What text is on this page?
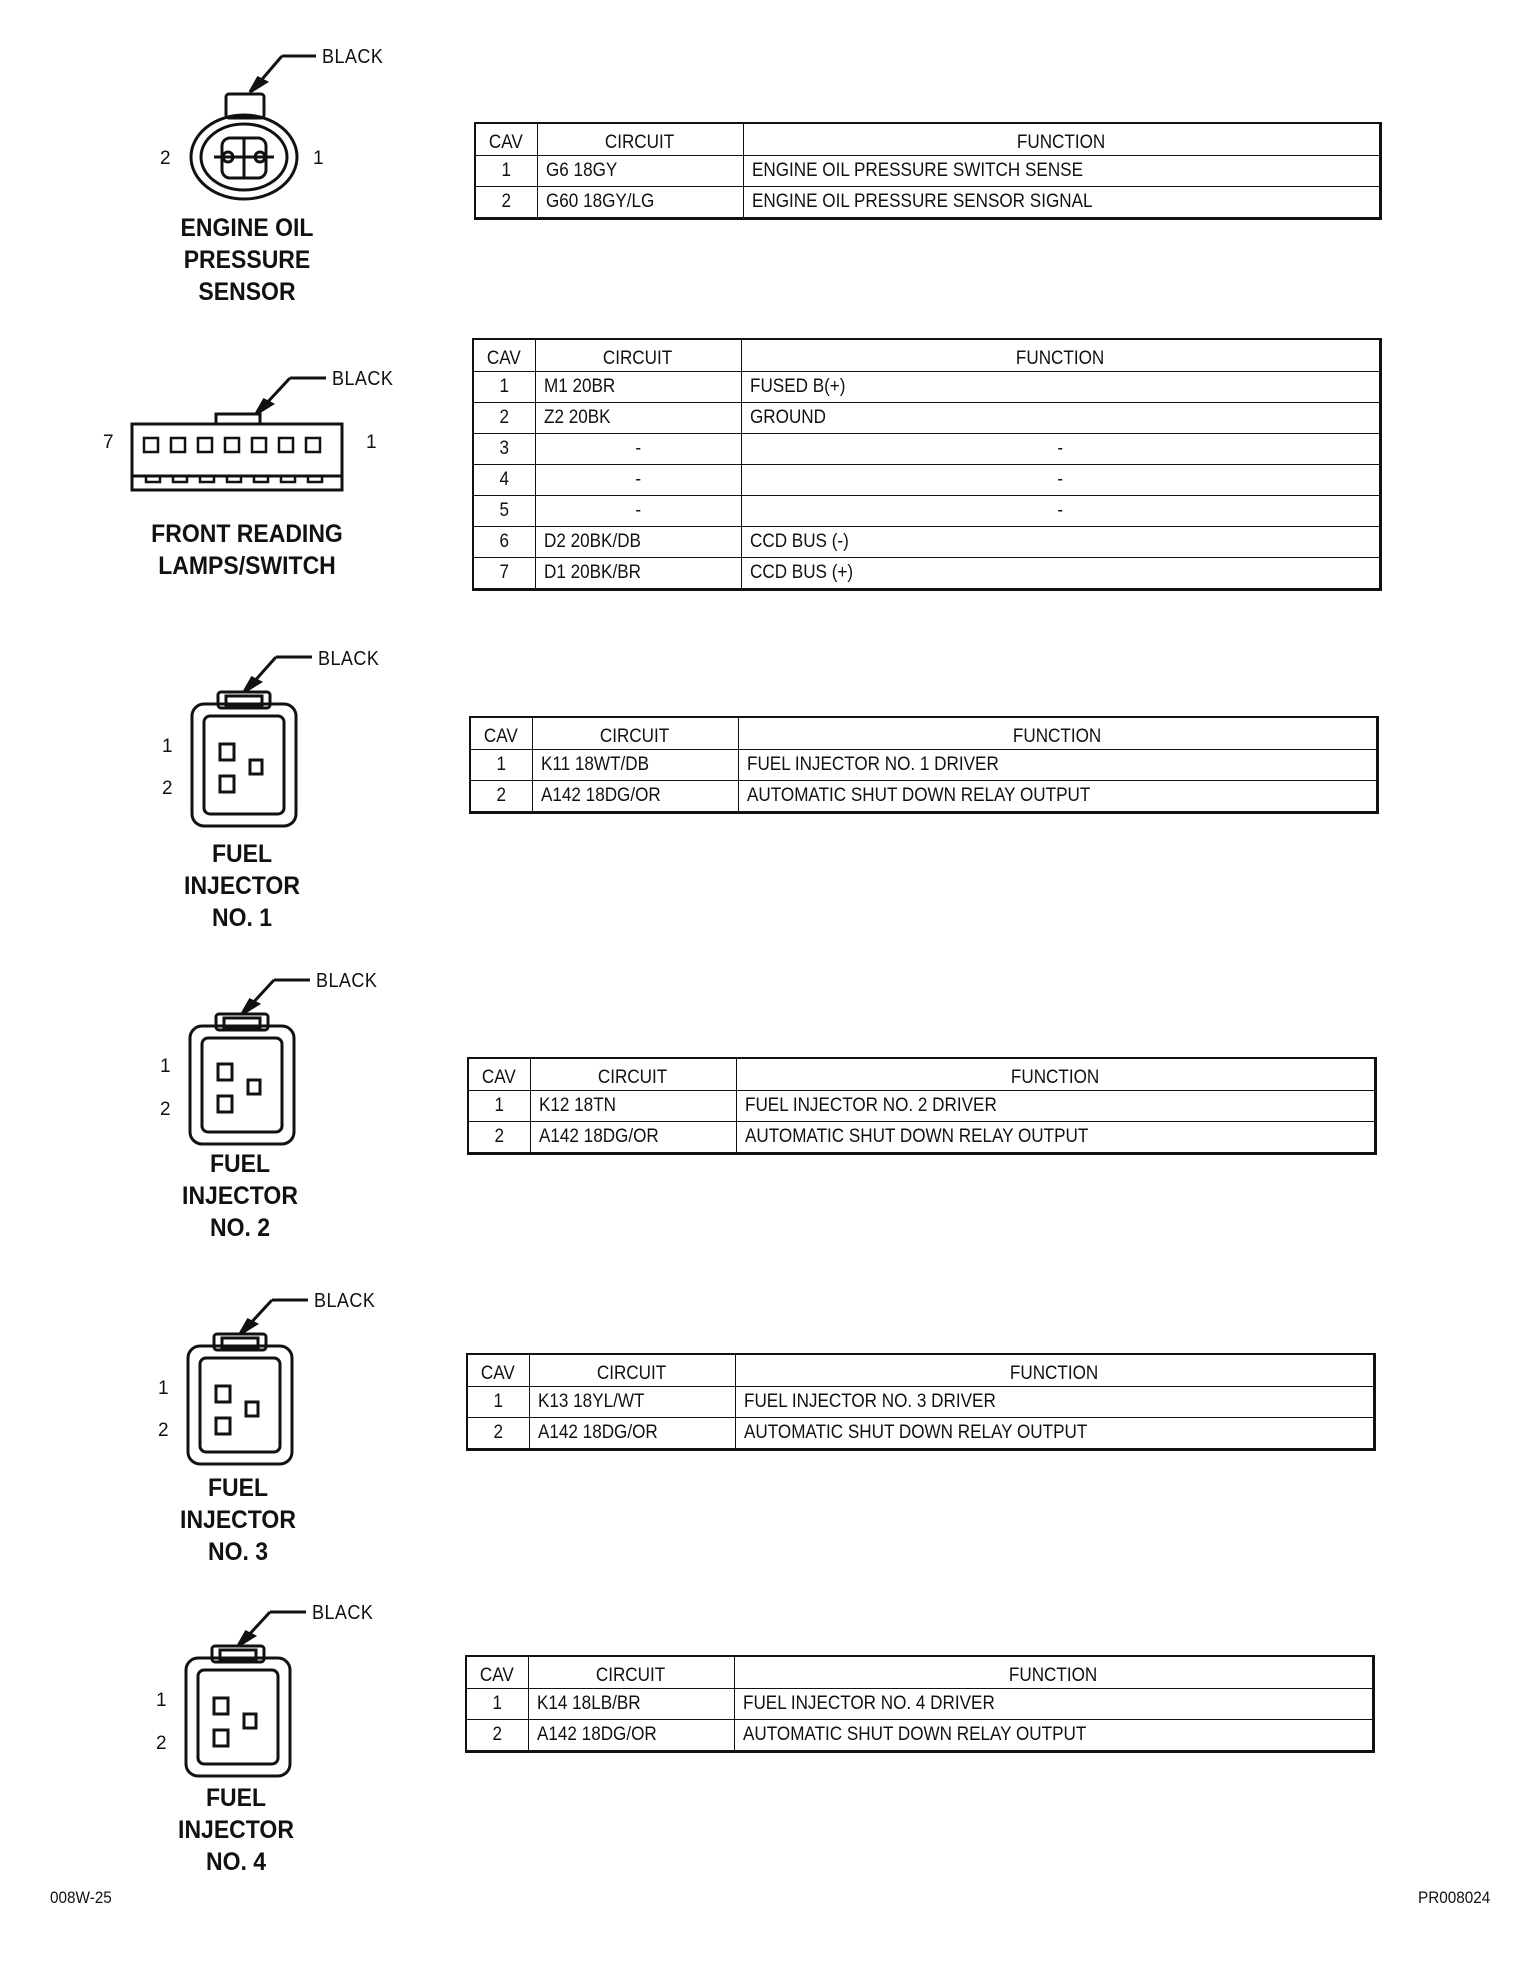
BLACK
2	1
ENGINE OIL
PRESSURE
SENSOR
CAV	CIRCUIT	FUNCTION
1	G6 18GY	ENGINE OIL PRESSURE SWITCH SENSE
2	G60 18GY/LG	ENGINE OIL PRESSURE SENSOR SIGNAL
BLACK
7	1
FRONT READING
LAMPS/SWITCH
CAV	CIRCUIT	FUNCTION
1	M1 20BR	FUSED B(+)
2	Z2 20BK	GROUND
3	-	-
4	-	-
5	-	-
6	D2 20BK/DB	CCD BUS (-)
7	D1 20BK/BR	CCD BUS (+)
BLACK
1
2
FUEL
INJECTOR
NO. 1
CAV	CIRCUIT	FUNCTION
1	K11 18WT/DB	FUEL INJECTOR NO. 1 DRIVER
2	A142 18DG/OR	AUTOMATIC SHUT DOWN RELAY OUTPUT
BLACK
1
2
FUEL
INJECTOR
NO. 2
CAV	CIRCUIT	FUNCTION
1	K12 18TN	FUEL INJECTOR NO. 2 DRIVER
2	A142 18DG/OR	AUTOMATIC SHUT DOWN RELAY OUTPUT
BLACK
1
2
FUEL
INJECTOR
NO. 3
CAV	CIRCUIT	FUNCTION
1	K13 18YL/WT	FUEL INJECTOR NO. 3 DRIVER
2	A142 18DG/OR	AUTOMATIC SHUT DOWN RELAY OUTPUT
BLACK
1
2
FUEL
INJECTOR
NO. 4
CAV	CIRCUIT	FUNCTION
1	K14 18LB/BR	FUEL INJECTOR NO. 4 DRIVER
2	A142 18DG/OR	AUTOMATIC SHUT DOWN RELAY OUTPUT
008W-25	PR008024
